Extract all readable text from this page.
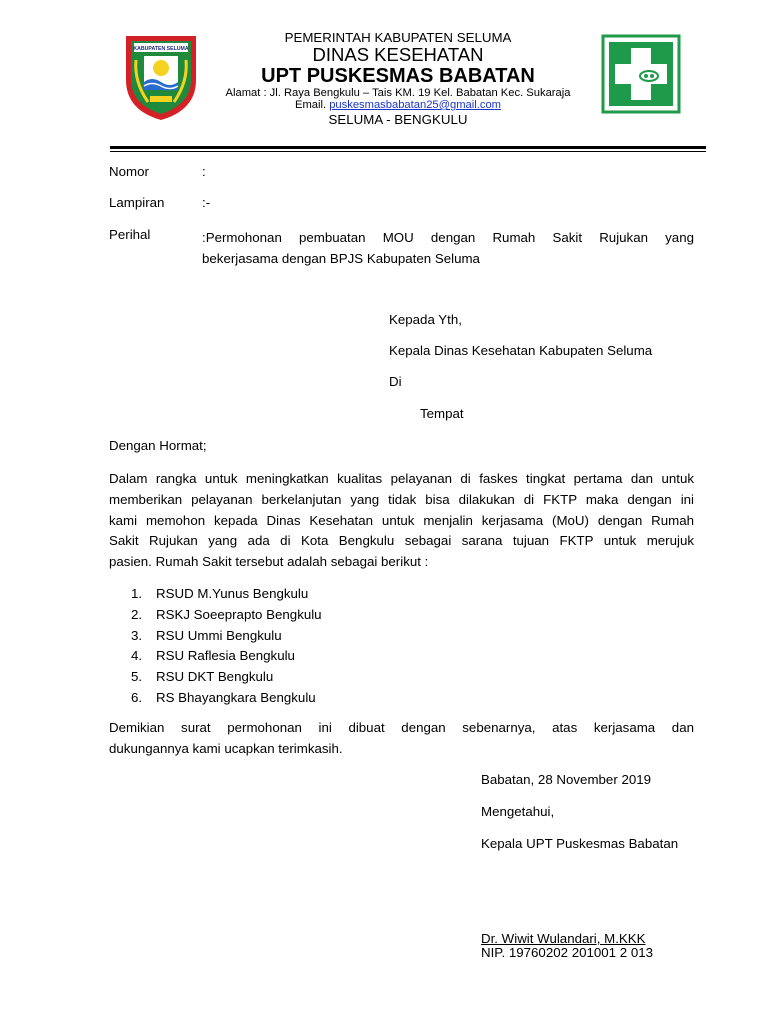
KABUPATEN SELUMA
PEMERINTAH KABUPATEN SELUMA
DINAS KESEHATAN
UPT PUSKESMAS BABATAN
Alamat : Jl. Raya Bengkulu – Tais KM. 19 Kel. Babatan Kec. Sukaraja
Email. puskesmasbabatan25@gmail.com
SELUMA - BENGKULU
Nomor	:
Lampiran	:-
Perihal	:Permohonan pembuatan MOU dengan Rumah Sakit Rujukan yang
bekerjasama dengan BPJS Kabupaten Seluma
Kepada Yth,
Kepala Dinas Kesehatan Kabupaten Seluma
Di
Tempat
Dengan Hormat;
Dalam rangka untuk meningkatkan kualitas pelayanan di faskes tingkat pertama dan untuk
memberikan pelayanan berkelanjutan yang tidak bisa dilakukan di FKTP maka dengan ini
kami memohon kepada Dinas Kesehatan untuk menjalin kerjasama (MoU) dengan Rumah
Sakit Rujukan yang ada di Kota Bengkulu sebagai sarana tujuan FKTP untuk merujuk
pasien. Rumah Sakit tersebut adalah sebagai berikut :
1. RSUD M.Yunus Bengkulu
2. RSKJ Soeeprapto Bengkulu
3. RSU Ummi Bengkulu
4. RSU Raflesia Bengkulu
5. RSU DKT Bengkulu
6. RS Bhayangkara Bengkulu
Demikian surat permohonan ini dibuat dengan sebenarnya, atas kerjasama dan
dukungannya kami ucapkan terimkasih.
Babatan, 28 November 2019
Mengetahui,
Kepala UPT Puskesmas Babatan
Dr. Wiwit Wulandari, M.KKK
NIP. 19760202 201001 2 013
